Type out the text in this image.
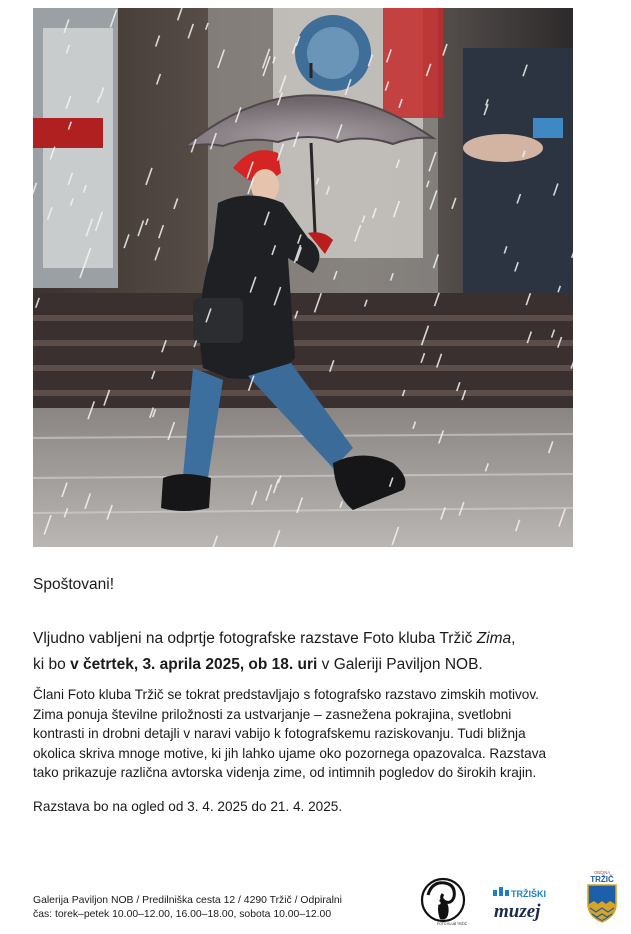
Spoštovani!
Vljudno vabljeni na odprtje fotografske razstave Foto kluba Tržič Zima,
ki bo v četrtek, 3. aprila 2025, ob 18. uri v Galeriji Paviljon NOB.
Člani Foto kluba Tržič se tokrat predstavljajo s fotografsko razstavo zimskih motivov.
Zima ponuja številne priložnosti za ustvarjanje – zasnežena pokrajina, svetlobni
kontrasti in drobni detajli v naravi vabijo k fotografskemu raziskovanju. Tudi bližnja
okolica skriva mnoge motive, ki jih lahko ujame oko pozornega opazovalca. Razstava
tako prikazuje različna avtorska videnja zime, od intimnih pogledov do širokih krajin.
Razstava bo na ogled od 3. 4. 2025 do 21. 4. 2025.
Galerija Paviljon NOB / Predilniška cesta 12 / 4290 Tržič / Odpiralni
čas: torek–petek 10.00–12.00, 16.00–18.00, sobota 10.00–12.00
FOTO KLUB TRŽIČ
TRŽIŠKI
muzej
OBČINA
TRŽIČ
